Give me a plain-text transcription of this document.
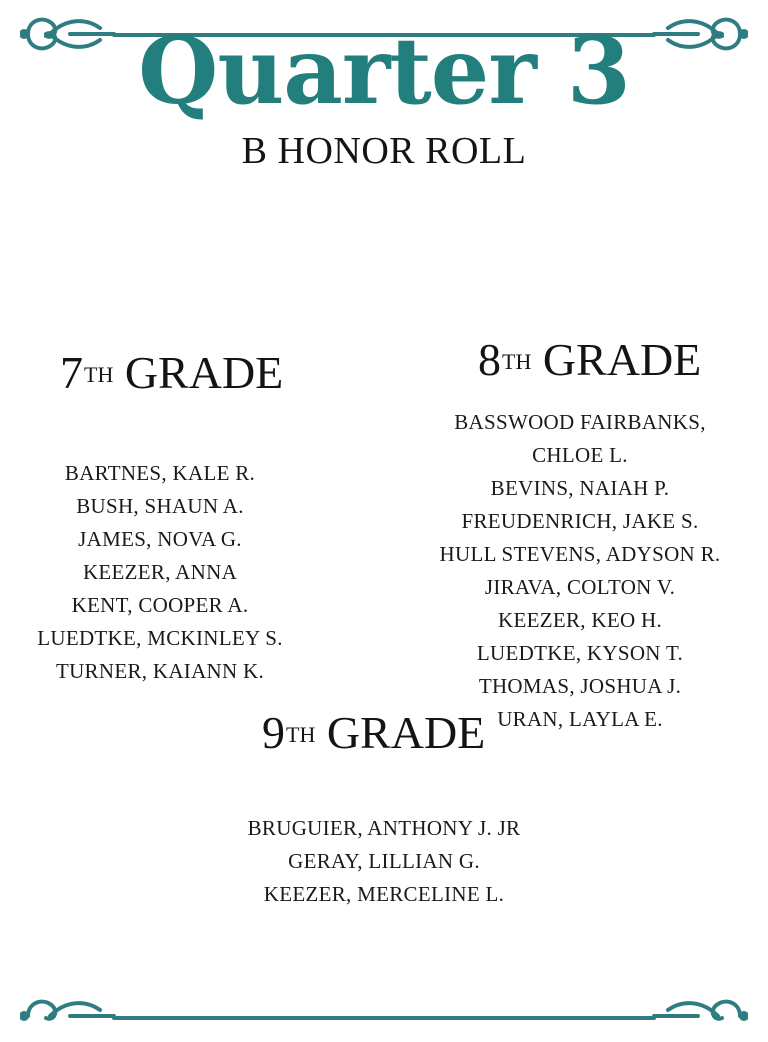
Quarter 3
B HONOR ROLL
7TH GRADE
BARTNES, KALE R.
BUSH, SHAUN A.
JAMES, NOVA G.
KEEZER, ANNA
KENT, COOPER A.
LUEDTKE, MCKINLEY S.
TURNER, KAIANN K.
8TH GRADE
BASSWOOD FAIRBANKS,
CHLOE L.
BEVINS, NAIAH P.
FREUDENRICH, JAKE S.
HULL STEVENS, ADYSON R.
JIRAVA, COLTON V.
KEEZER, KEO H.
LUEDTKE, KYSON T.
THOMAS, JOSHUA J.
URAN, LAYLA E.
9TH GRADE
BRUGUIER, ANTHONY J. JR
GERAY, LILLIAN G.
KEEZER, MERCELINE L.
